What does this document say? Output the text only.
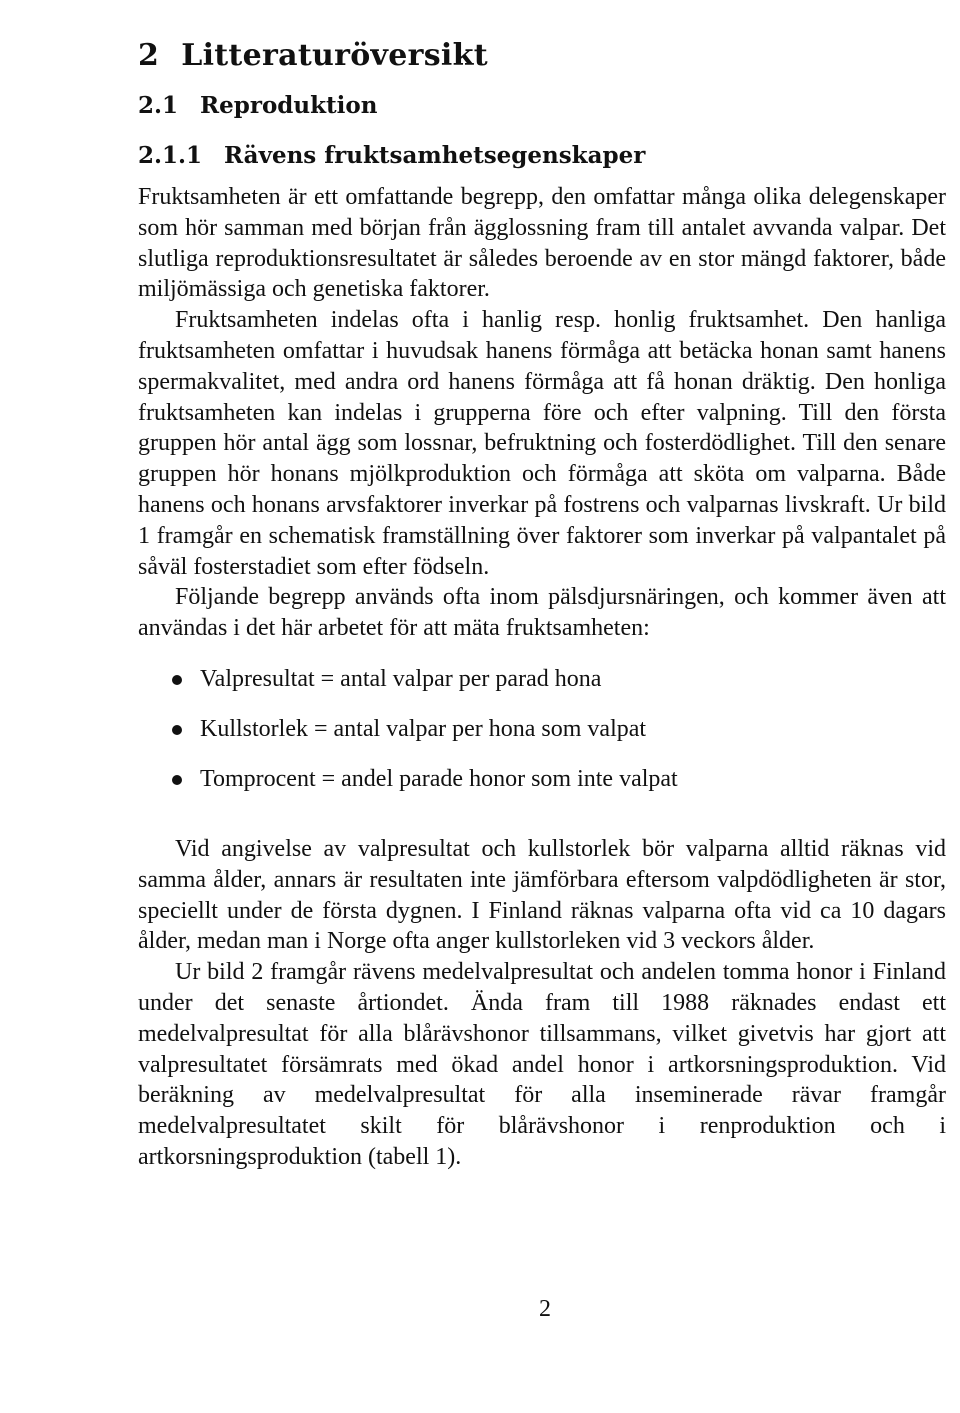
2 Litteraturöversikt
2.1 Reproduktion
2.1.1 Rävens fruktsamhetsegenskaper

Fruktsamheten är ett omfattande begrepp, den omfattar många olika delegenskaper som hör samman med början från ägglossning fram till antalet avvanda valpar. Det slutliga reproduktionsresultatet är således beroende av en stor mängd faktorer, både miljömässiga och genetiska faktorer.

Fruktsamheten indelas ofta i hanlig resp. honlig fruktsamhet. Den hanliga fruktsamheten omfattar i huvudsak hanens förmåga att betäcka honan samt hanens spermakvalitet, med andra ord hanens förmåga att få honan dräktig. Den honliga fruktsamheten kan indelas i grupperna före och efter valpning. Till den första gruppen hör antal ägg som lossnar, befruktning och fosterdödlighet. Till den senare gruppen hör honans mjölkproduktion och förmåga att sköta om valparna. Både hanens och honans arvsfaktorer inverkar på fostrens och valparnas livskraft. Ur bild 1 framgår en schematisk framställning över faktorer som inverkar på valpantalet på såväl fosterstadiet som efter födseln.

Följande begrepp används ofta inom pälsdjursnäringen, och kommer även att användas i det här arbetet för att mäta fruktsamheten:

Valpresultat = antal valpar per parad hona
Kullstorlek = antal valpar per hona som valpat
Tomprocent = andel parade honor som inte valpat

Vid angivelse av valpresultat och kullstorlek bör valparna alltid räknas vid samma ålder, annars är resultaten inte jämförbara eftersom valpdödligheten är stor, speciellt under de första dygnen. I Finland räknas valparna ofta vid ca 10 dagars ålder, medan man i Norge ofta anger kullstorleken vid 3 veckors ålder.

Ur bild 2 framgår rävens medelvalpresultat och andelen tomma honor i Finland under det senaste årtiondet. Ända fram till 1988 räknades endast ett medelvalpresultat för alla blårävshonor tillsammans, vilket givetvis har gjort att valpresultatet försämrats med ökad andel honor i artkorsningsproduktion. Vid beräkning av medelvalpresultat för alla inseminerade rävar framgår medelvalpresultatet skilt för blårävshonor i renproduktion och i artkorsningsproduktion (tabell 1).

2
